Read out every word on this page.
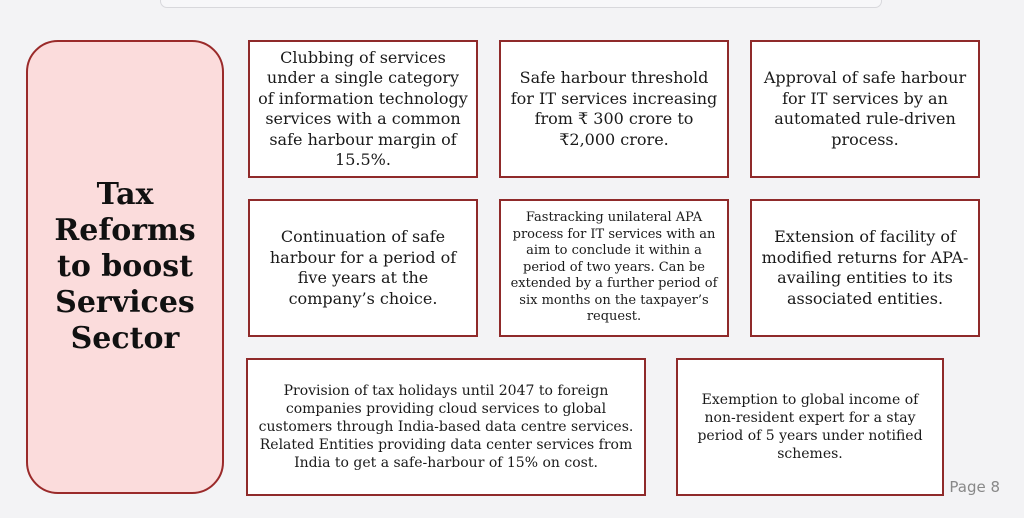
Tax Reforms to boost Services Sector
Clubbing of services under a single category of information technology services with a common safe harbour margin of 15.5%.
Safe harbour threshold for IT services increasing from ₹ 300 crore to ₹2,000 crore.
Approval of safe harbour for IT services by an automated rule-driven process.
Continuation of safe harbour for a period of five years at the company’s choice.
Fastracking unilateral APA process for IT services with an aim to conclude it within a period of two years. Can be extended by a further period of six months on the taxpayer’s request.
Extension of facility of modified returns for APA-availing entities to its associated entities.
Provision of tax holidays until 2047 to foreign companies providing cloud services to global customers through India-based data centre services. Related Entities providing data center services from India to get a safe-harbour of 15% on cost.
Exemption to global income of non-resident expert for a stay period of 5 years under notified schemes.
Page 8
